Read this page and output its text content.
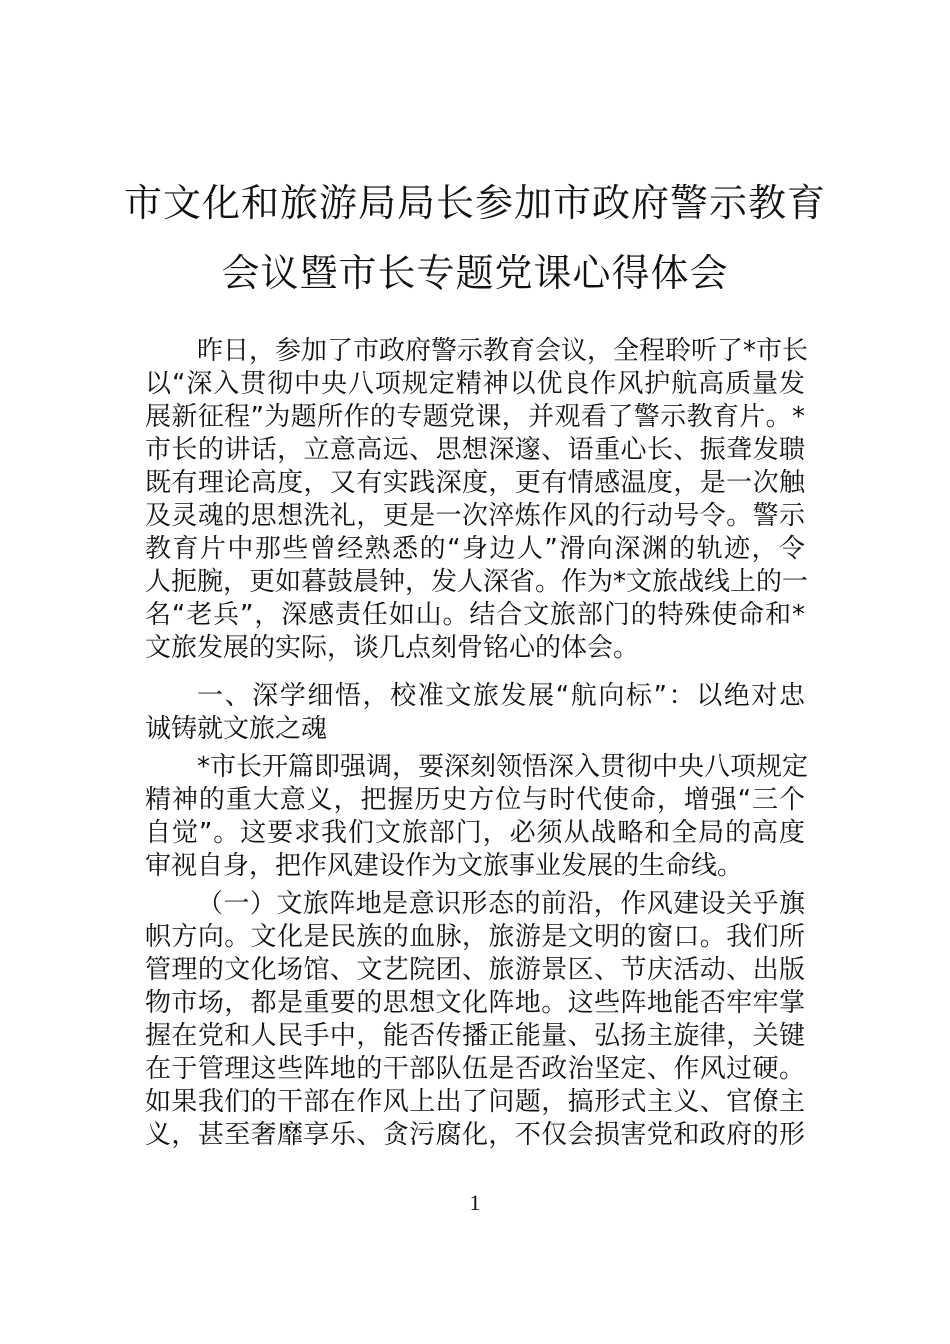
市文化和旅游局局长参加市政府警示教育
会议暨市长专题党课心得体会
昨日，参加了市政府警示教育会议，全程聆听了*市长
以“深入贯彻中央八项规定精神以优良作风护航高质量发
展新征程”为题所作的专题党课，并观看了警示教育片。*
市长的讲话，立意高远、思想深邃、语重心长、振聋发聩
既有理论高度，又有实践深度，更有情感温度，是一次触
及灵魂的思想洗礼，更是一次淬炼作风的行动号令。警示
教育片中那些曾经熟悉的“身边人”滑向深渊的轨迹，令
人扼腕，更如暮鼓晨钟，发人深省。作为*文旅战线上的一
名“老兵”，深感责任如山。结合文旅部门的特殊使命和*
文旅发展的实际，谈几点刻骨铭心的体会。
一、深学细悟，校准文旅发展“航向标”：以绝对忠
诚铸就文旅之魂
*市长开篇即强调，要深刻领悟深入贯彻中央八项规定
精神的重大意义，把握历史方位与时代使命，增强“三个
自觉”。这要求我们文旅部门，必须从战略和全局的高度
审视自身，把作风建设作为文旅事业发展的生命线。
（一）文旅阵地是意识形态的前沿，作风建设关乎旗
帜方向。文化是民族的血脉，旅游是文明的窗口。我们所
管理的文化场馆、文艺院团、旅游景区、节庆活动、出版
物市场，都是重要的思想文化阵地。这些阵地能否牢牢掌
握在党和人民手中，能否传播正能量、弘扬主旋律，关键
在于管理这些阵地的干部队伍是否政治坚定、作风过硬。
如果我们的干部在作风上出了问题，搞形式主义、官僚主
义，甚至奢靡享乐、贪污腐化，不仅会损害党和政府的形
1
